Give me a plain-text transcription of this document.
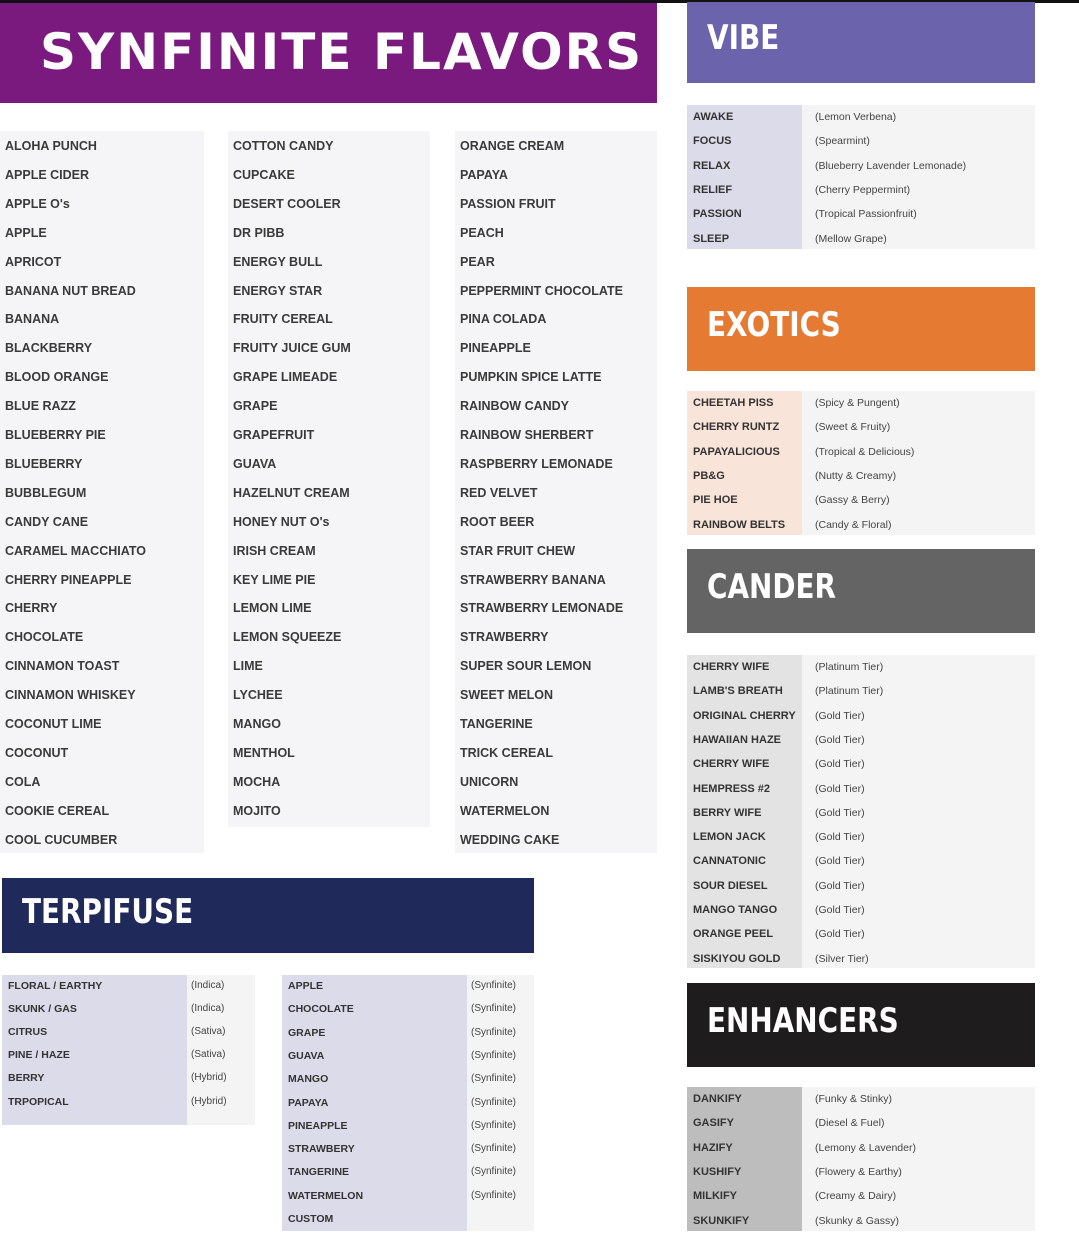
SYNFINITE FLAVORS
ALOHA PUNCH
APPLE CIDER
APPLE O's
APPLE
APRICOT
BANANA NUT BREAD
BANANA
BLACKBERRY
BLOOD ORANGE
BLUE RAZZ
BLUEBERRY PIE
BLUEBERRY
BUBBLEGUM
CANDY CANE
CARAMEL MACCHIATO
CHERRY PINEAPPLE
CHERRY
CHOCOLATE
CINNAMON TOAST
CINNAMON WHISKEY
COCONUT LIME
COCONUT
COLA
COOKIE CEREAL
COOL CUCUMBER
COTTON CANDY
CUPCAKE
DESERT COOLER
DR PIBB
ENERGY BULL
ENERGY STAR
FRUITY CEREAL
FRUITY JUICE GUM
GRAPE LIMEADE
GRAPE
GRAPEFRUIT
GUAVA
HAZELNUT CREAM
HONEY NUT O's
IRISH CREAM
KEY LIME PIE
LEMON LIME
LEMON SQUEEZE
LIME
LYCHEE
MANGO
MENTHOL
MOCHA
MOJITO
ORANGE CREAM
PAPAYA
PASSION FRUIT
PEACH
PEAR
PEPPERMINT CHOCOLATE
PINA COLADA
PINEAPPLE
PUMPKIN SPICE LATTE
RAINBOW CANDY
RAINBOW SHERBERT
RASPBERRY LEMONADE
RED VELVET
ROOT BEER
STAR FRUIT CHEW
STRAWBERRY BANANA
STRAWBERRY LEMONADE
STRAWBERRY
SUPER SOUR LEMON
SWEET MELON
TANGERINE
TRICK CEREAL
UNICORN
WATERMELON
WEDDING CAKE
VIBE
AWAKE	(Lemon Verbena)
FOCUS	(Spearmint)
RELAX	(Blueberry Lavender Lemonade)
RELIEF	(Cherry Peppermint)
PASSION	(Tropical Passionfruit)
SLEEP	(Mellow Grape)
EXOTICS
CHEETAH PISS	(Spicy & Pungent)
CHERRY RUNTZ	(Sweet & Fruity)
PAPAYALICIOUS	(Tropical & Delicious)
PB&G	(Nutty & Creamy)
PIE HOE	(Gassy & Berry)
RAINBOW BELTS	(Candy & Floral)
CANDER
CHERRY WIFE	(Platinum Tier)
LAMB'S BREATH	(Platinum Tier)
ORIGINAL CHERRY (Gold Tier)
HAWAIIAN HAZE	(Gold Tier)
CHERRY WIFE	(Gold Tier)
HEMPRESS #2	(Gold Tier)
BERRY WIFE	(Gold Tier)
LEMON JACK	(Gold Tier)
CANNATONIC	(Gold Tier)
SOUR DIESEL	(Gold Tier)
MANGO TANGO	(Gold Tier)
ORANGE PEEL	(Gold Tier)
SISKIYOU GOLD	(Silver Tier)
ENHANCERS
DANKIFY	(Funky & Stinky)
GASIFY	(Diesel & Fuel)
HAZIFY	(Lemony & Lavender)
KUSHIFY	(Flowery & Earthy)
MILKIFY	(Creamy & Dairy)
SKUNKIFY	(Skunky & Gassy)
TERPIFUSE
FLORAL / EARTHY	(Indica)
SKUNK / GAS	(Indica)
CITRUS	(Sativa)
PINE / HAZE	(Sativa)
BERRY	(Hybrid)
TRPOPICAL	(Hybrid)
APPLE	(Synfinite)
CHOCOLATE	(Synfinite)
GRAPE	(Synfinite)
GUAVA	(Synfinite)
MANGO	(Synfinite)
PAPAYA	(Synfinite)
PINEAPPLE	(Synfinite)
STRAWBERY	(Synfinite)
TANGERINE	(Synfinite)
WATERMELON	(Synfinite)
CUSTOM
